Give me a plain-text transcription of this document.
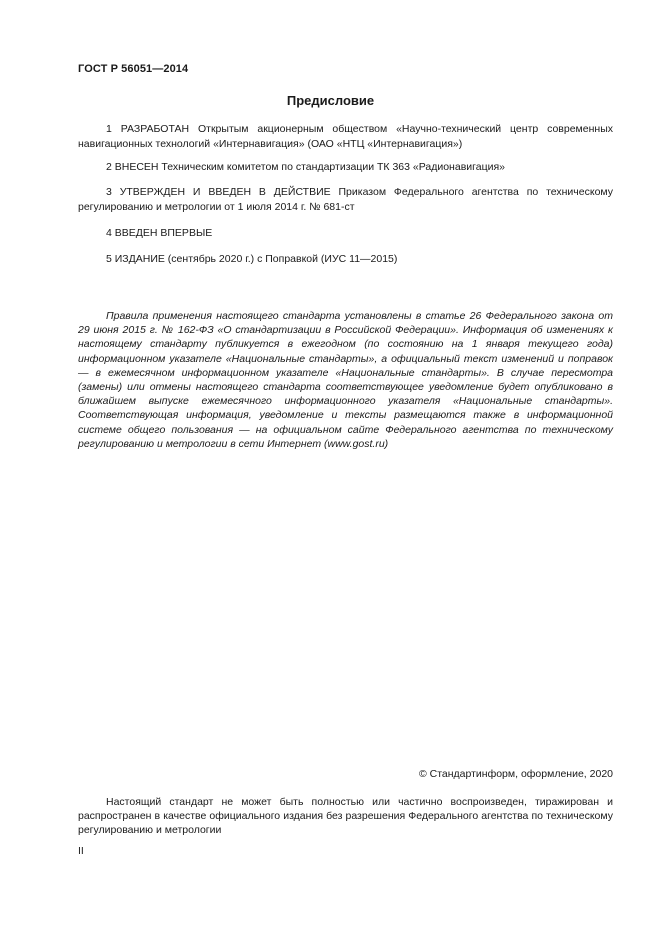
ГОСТ Р 56051—2014
Предисловие
1 РАЗРАБОТАН Открытым акционерным обществом «Научно-технический центр современных навигационных технологий «Интернавигация» (ОАО «НТЦ «Интернавигация»)
2 ВНЕСЕН Техническим комитетом по стандартизации ТК 363 «Радионавигация»
3 УТВЕРЖДЕН И ВВЕДЕН В ДЕЙСТВИЕ Приказом Федерального агентства по техническому регулированию и метрологии от 1 июля 2014 г. № 681-ст
4 ВВЕДЕН ВПЕРВЫЕ
5 ИЗДАНИЕ (сентябрь 2020 г.) с Поправкой (ИУС 11—2015)
Правила применения настоящего стандарта установлены в статье 26 Федерального закона от 29 июня 2015 г. № 162-ФЗ «О стандартизации в Российской Федерации». Информация об изменениях к настоящему стандарту публикуется в ежегодном (по состоянию на 1 января текущего года) информационном указателе «Национальные стандарты», а официальный текст изменений и поправок — в ежемесячном информационном указателе «Национальные стандарты». В случае пересмотра (замены) или отмены настоящего стандарта соответствующее уведомление будет опубликовано в ближайшем выпуске ежемесячного информационного указателя «Национальные стандарты». Соответствующая информация, уведомление и тексты размещаются также в информационной системе общего пользования — на официальном сайте Федерального агентства по техническому регулированию и метрологии в сети Интернет (www.gost.ru)
© Стандартинформ, оформление, 2020
Настоящий стандарт не может быть полностью или частично воспроизведен, тиражирован и распространен в качестве официального издания без разрешения Федерального агентства по техническому регулированию и метрологии
II
